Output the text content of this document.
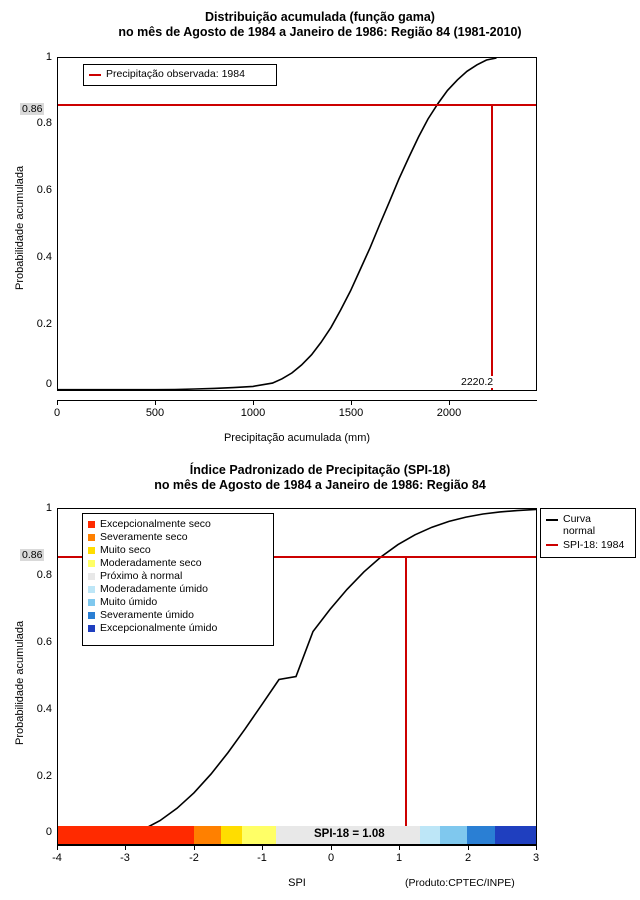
Distribuição acumulada (função gama)
no mês de Agosto de 1984 a Janeiro de 1986: Região 84 (1981-2010)
Probabilidade acumulada
Precipitação observada: 1984
1
0.8
0.6
0.4
0.2
0
0.86
0	500	1000	1500	2000
2220.2
Precipitação acumulada (mm)
Índice Padronizado de Precipitação (SPI-18)
no mês de Agosto de 1984 a Janeiro de 1986: Região 84
Probabilidade acumulada
SPI-18 = 1.08
Excepcionalmente seco
Severamente seco
Muito seco
Moderadamente seco
Próximo à normal
Moderadamente úmido
Muito úmido
Severamente úmido
Excepcionalmente úmido
Curva normal
SPI-18: 1984
1
0.8
0.6
0.4
0.2
0
0.86
-4	-3	-2	-1	0	1	2	3
SPI	(Produto:CPTEC/INPE)
